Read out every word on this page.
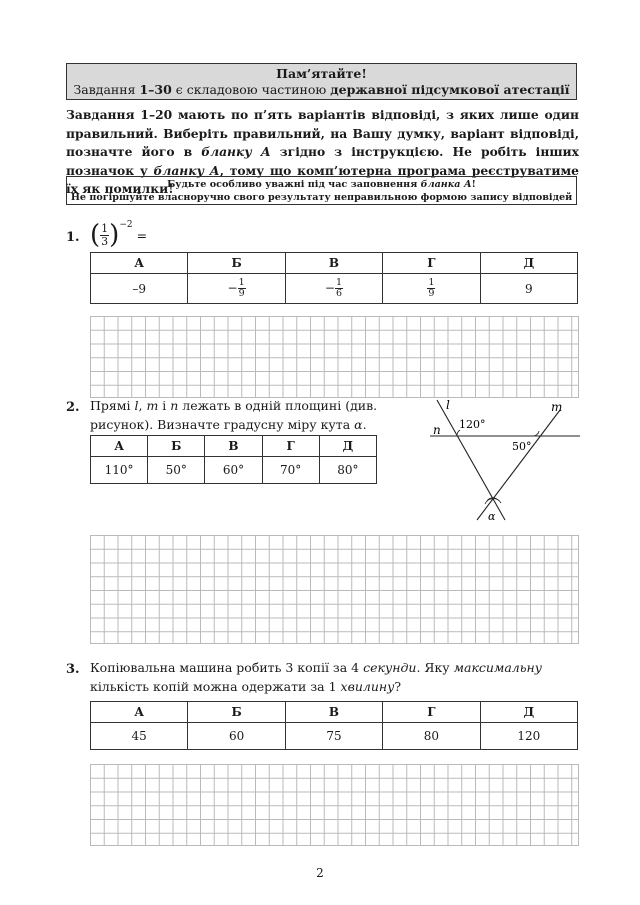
Пам’ятайте!
Завдання 1–30 є складовою частиною державної підсумкової атестації
Завдання 1–20 мають по п’ять варіантів відповіді, з яких лише один правильний. Виберіть правильний, на Вашу думку, варіант відповіді, позначте його в бланку А згідно з інструкцією. Не робіть інших позначок у бланку А, тому що комп’ютерна програма реєструватиме їх як помилки!
Будьте особливо уважні під час заповнення бланка А!
Не погіршуйте власноручно свого результату неправильною формою запису відповідей
1. ( $\frac{1}{3} )^{-2}$
=
А	Б	В	Г	Д
–9	− $\frac{1}{9}$	− $\frac{1}{6}$	$\frac{1}{9}$	9
2. Прямі l, m і n лежать в одній площині (див. рисунок). Визначте градусну міру кута α.
А	Б	В	Г	Д
110°	50°	60°	70°	80°
l	m
n 120°
50°
α
3. Копіювальна машина робить 3 копії за 4 секунди. Яку максимальну кількість копій можна одержати за 1 хвилину?
А	Б	В	Г	Д
45	60	75	80	120
2
